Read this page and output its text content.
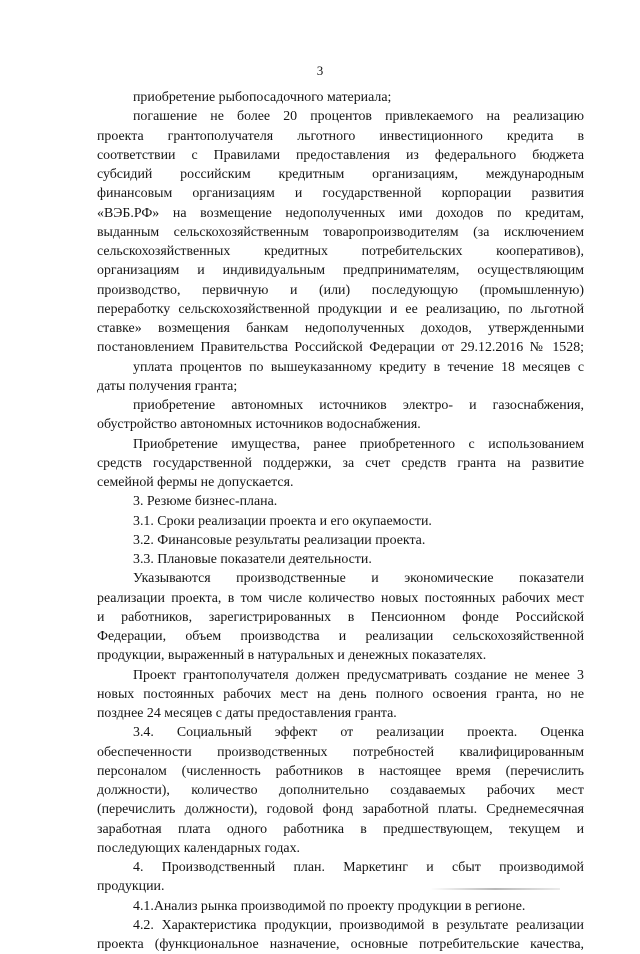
3
приобретение рыбопосадочного материала;
погашение не более 20 процентов привлекаемого на реализацию
проекта грантополучателя льготного инвестиционного кредита в
соответствии с Правилами предоставления из федерального бюджета
субсидий российским кредитным организациям, международным
финансовым организациям и государственной корпорации развития
«ВЭБ.РФ» на возмещение недополученных ими доходов по кредитам,
выданным сельскохозяйственным товаропроизводителям (за исключением
сельскохозяйственных кредитных потребительских кооперативов),
организациям и индивидуальным предпринимателям, осуществляющим
производство, первичную и (или) последующую (промышленную)
переработку сельскохозяйственной продукции и ее реализацию, по льготной
ставке» возмещения банкам недополученных доходов, утвержденными
постановлением Правительства Российской Федерации от 29.12.2016 № 1528;
уплата процентов по вышеуказанному кредиту в течение 18 месяцев с
даты получения гранта;
приобретение автономных источников электро- и газоснабжения,
обустройство автономных источников водоснабжения.
Приобретение имущества, ранее приобретенного с использованием
средств государственной поддержки, за счет средств гранта на развитие
семейной фермы не допускается.
3. Резюме бизнес-плана.
3.1. Сроки реализации проекта и его окупаемости.
3.2. Финансовые результаты реализации проекта.
3.3. Плановые показатели деятельности.
Указываются производственные и экономические показатели
реализации проекта, в том числе количество новых постоянных рабочих мест
и работников, зарегистрированных в Пенсионном фонде Российской
Федерации, объем производства и реализации сельскохозяйственной
продукции, выраженный в натуральных и денежных показателях.
Проект грантополучателя должен предусматривать создание не менее 3
новых постоянных рабочих мест на день полного освоения гранта, но не
позднее 24 месяцев с даты предоставления гранта.
3.4. Социальный эффект от реализации проекта. Оценка
обеспеченности производственных потребностей квалифицированным
персоналом (численность работников в настоящее время (перечислить
должности), количество дополнительно создаваемых рабочих мест
(перечислить должности), годовой фонд заработной платы. Среднемесячная
заработная плата одного работника в предшествующем, текущем и
последующих календарных годах.
4. Производственный план. Маркетинг и сбыт производимой
продукции.
4.1.Анализ рынка производимой по проекту продукции в регионе.
4.2. Характеристика продукции, производимой в результате реализации
проекта (функциональное назначение, основные потребительские качества,
